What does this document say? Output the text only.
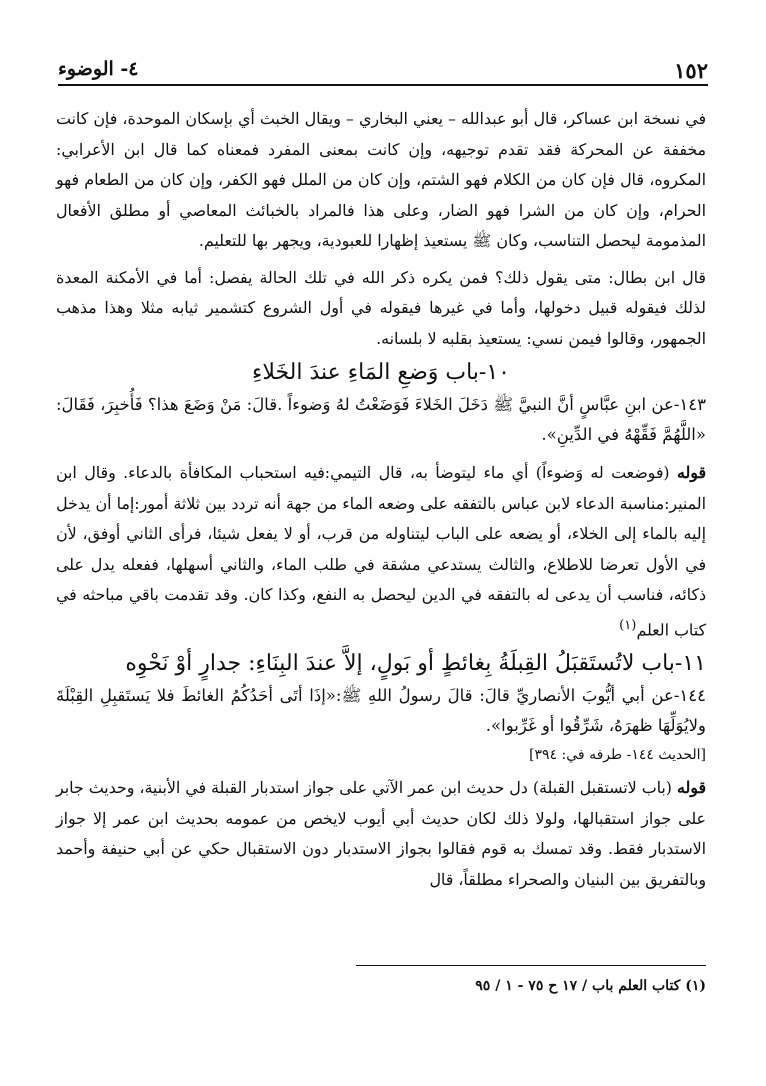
١٥٢
٤- الوضوء

في نسخة ابن عساكر، قال أبو عبدالله – يعني البخاري – ويقال الخبث أي بإسكان الموحدة، فإن كانت مخففة عن المحركة فقد تقدم توجيهه، وإن كانت بمعنى المفرد فمعناه كما قال ابن الأعرابي: المكروه، قال فإن كان من الكلام فهو الشتم، وإن كان من الملل فهو الكفر، وإن كان من الطعام فهو الحرام، وإن كان من الشرا فهو الضار، وعلى هذا فالمراد بالخبائث المعاصي أو مطلق الأفعال المذمومة ليحصل التناسب، وكان ﷺ يستعيذ إظهارا للعبودية، ويجهر بها للتعليم.

قال ابن بطال: متى يقول ذلك؟ فمن يكره ذكر الله في تلك الحالة يفصل: أما في الأمكنة المعدة لذلك فيقوله قبيل دخولها، وأما في غيرها فيقوله في أول الشروع كتشمير ثيابه مثلا وهذا مذهب الجمهور، وقالوا فيمن نسي: يستعيذ بقلبه لا بلسانه.

١٠-باب وَضعِ المَاءِ عندَ الخَلاءِ

١٤٣-عن ابنِ عبَّاسٍ أنَّ النبيَّ ﷺ دَخَلَ الخَلاءَ فَوَضَعْتُ لهُ وَضوءاً .قالَ: مَنْ وَضَعَ هذا؟ فَأُخبِرَ، فَقَالَ: «اللَّهُمَّ فَقِّهْهُ في الدِّينِ».

قوله (فوضعت له وَضوءاً) أي ماء ليتوضأ به، قال التيمي:فيه استحباب المكافأة بالدعاء. وقال ابن المنير:مناسبة الدعاء لابن عباس بالتفقه على وضعه الماء من جهة أنه تردد بين ثلاثة أمور:إما أن يدخل إليه بالماء إلى الخلاء، أو يضعه على الباب ليتناوله من قرب، أو لا يفعل شيئا، فرأى الثاني أوفق، لأن في الأول تعرضا للاطلاع، والثالث يستدعي مشقة في طلب الماء، والثاني أسهلها، ففعله يدل على ذكائه، فناسب أن يدعى له بالتفقه في الدين ليحصل به النفع، وكذا كان. وقد تقدمت باقي مباحثه في كتاب العلم$^{(١)}$

١١-باب لاتُستَقبَلُ القِبلَةُ بِغائطٍ أو بَولٍ، إلاَّ عندَ البِنَاءِ: جدارٍ أوْ نَحْوِه

١٤٤-عن أبي أيُّوبَ الأنصاريِّ قالَ: قالَ رسولُ اللهِ ﷺ:«إذَا أتَى أحَدُكُمُ الغائطَ فلا يَستَقبِلِ القِبْلَةَ ولايُوَلِّهَا ظهرَهُ، شَرِّقُوا أو غَرِّبوا».

[الحديث ١٤٤- طرفه في: ٣٩٤]

قوله (باب لاتستقبل القبلة) دل حديث ابن عمر الآتي على جواز استدبار القبلة في الأبنية، وحديث جابر على جواز استقبالها، ولولا ذلك لكان حديث أبي أيوب لايخص من عمومه بحديث ابن عمر إلا جواز الاستدبار فقط. وقد تمسك به قوم فقالوا بجواز الاستدبار دون الاستقبال حكي عن أبي حنيفة وأحمد وبالتفريق بين البنيان والصحراء مطلقاً، قال

(١) كتاب العلم باب / ١٧ ح ٧٥ - ١ / ٩٥
